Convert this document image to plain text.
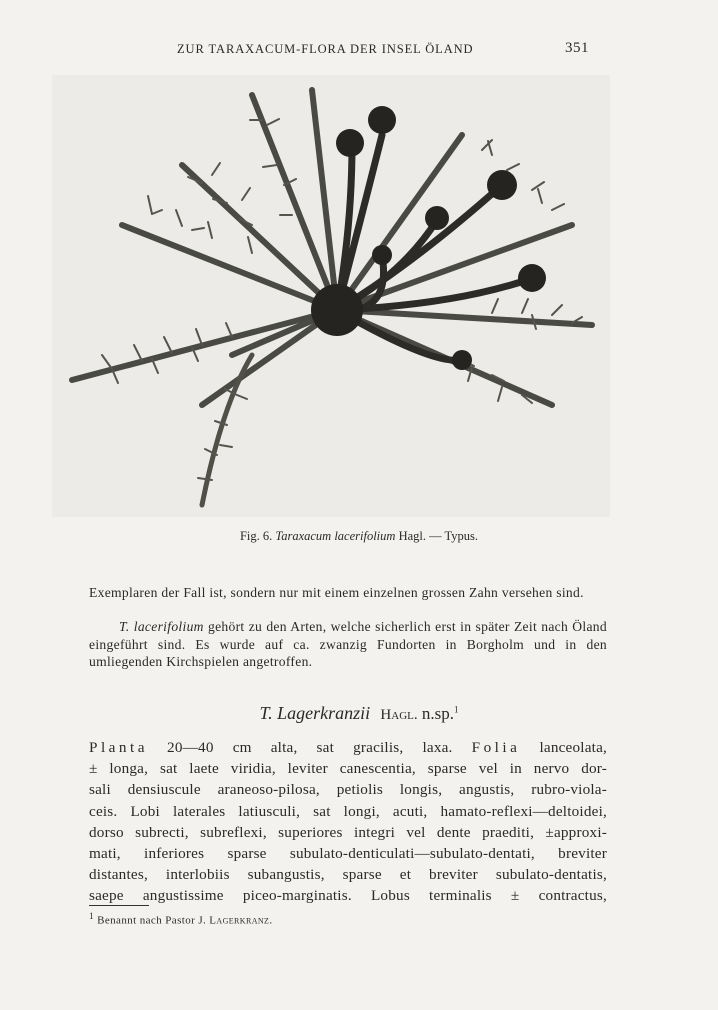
ZUR TARAXACUM-FLORA DER INSEL ÖLAND	351
Fig. 6. Taraxacum lacerifolium Hagl. — Typus.
Exemplaren der Fall ist, sondern nur mit einem einzelnen grossen Zahn versehen sind.
T. lacerifolium gehört zu den Arten, welche sicherlich erst in später Zeit nach Öland eingeführt sind. Es wurde auf ca. zwanzig Fundorten in Borgholm und in den umliegenden Kirchspielen angetroffen.
T. Lagerkranzii Hagl. n.sp.$^1$
Planta 20—40 cm alta, sat gracilis, laxa. Folia lanceolata,
± longa, sat laete viridia, leviter canescentia, sparse vel in nervo dor-
sali densiuscule araneoso-pilosa, petiolis longis, angustis, rubro-viola-
ceis. Lobi laterales latiusculi, sat longi, acuti, hamato-reflexi—deltoidei,
dorso subrecti, subreflexi, superiores integri vel dente praediti, ±approxi-
mati, inferiores sparse subulato-denticulati—subulato-dentati, breviter
distantes, interlobiis subangustis, sparse et breviter subulato-dentatis,
saepe angustissime piceo-marginatis. Lobus terminalis ± contractus,
$^1$ Benannt nach Pastor J. Lagerkranz.
